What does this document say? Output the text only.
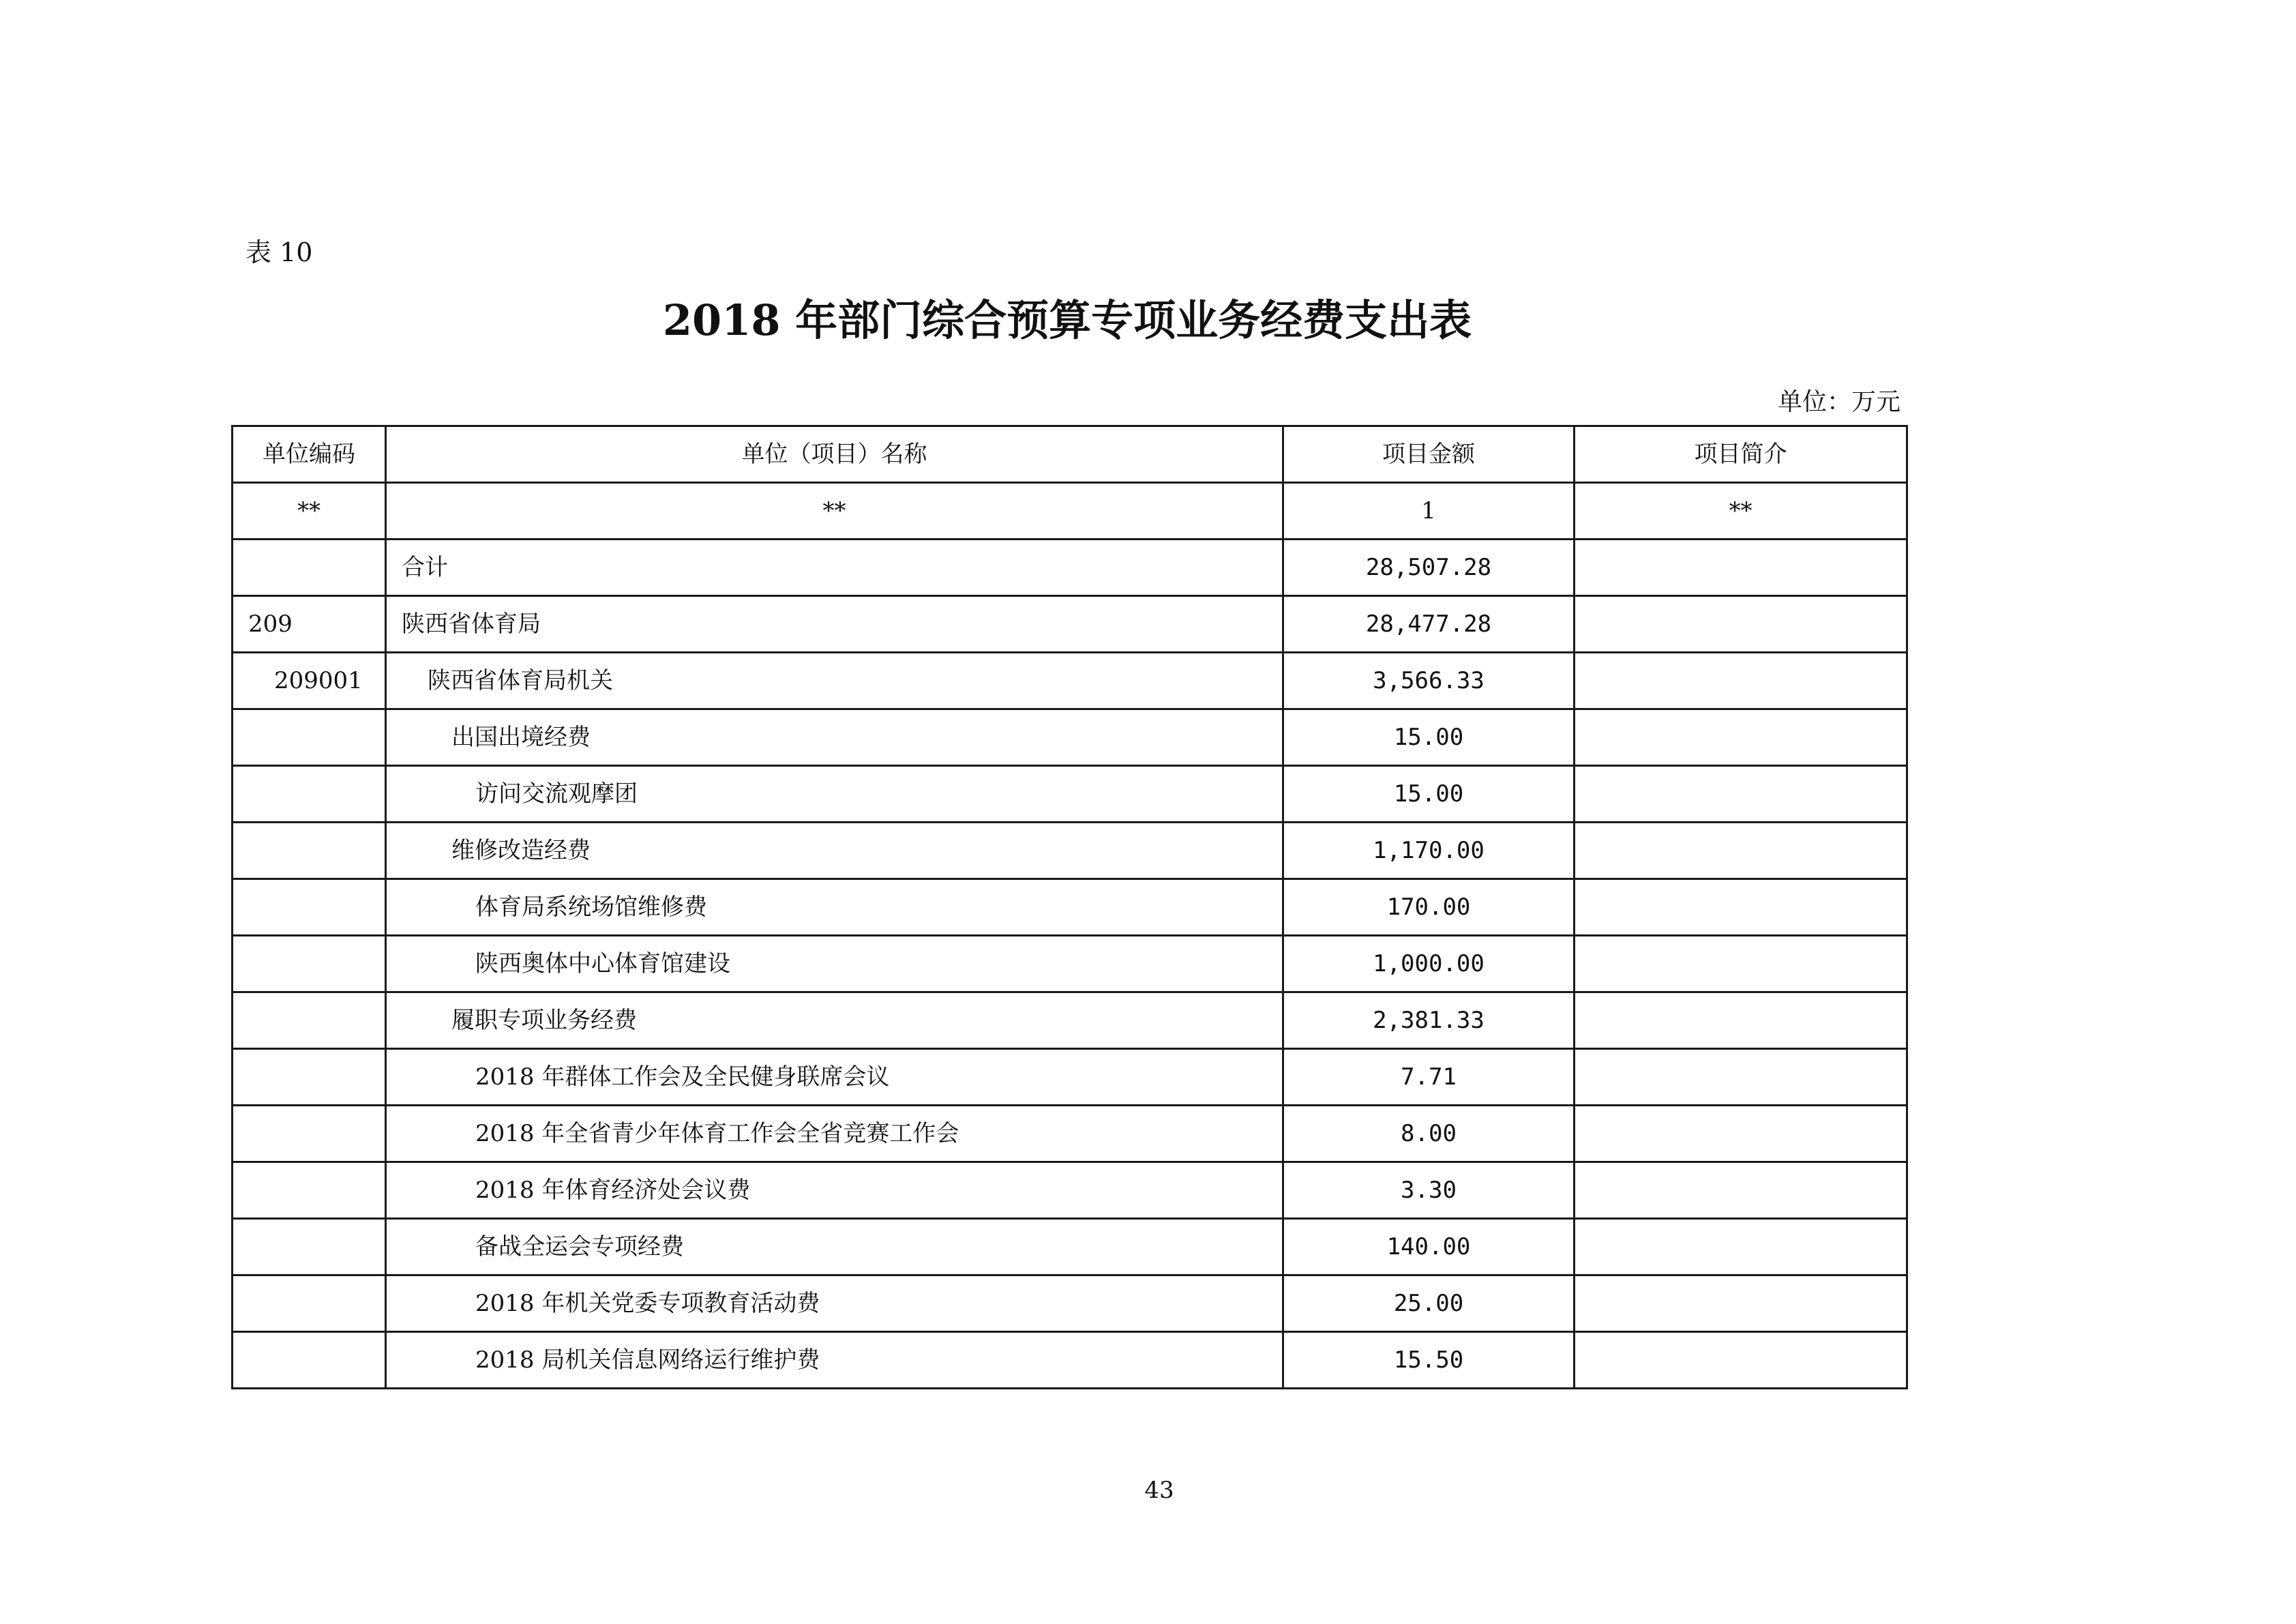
表 10
2018 年部门综合预算专项业务经费支出表
单位：万元
单位编码	单位（项目）名称	项目金额	项目简介
**	**	1	**
	合计	28,507.28	
209	陕西省体育局	28,477.28	
209001	陕西省体育局机关	3,566.33	
	出国出境经费	15.00	
	访问交流观摩团	15.00	
	维修改造经费	1,170.00	
	体育局系统场馆维修费	170.00	
	陕西奥体中心体育馆建设	1,000.00	
	履职专项业务经费	2,381.33	
	2018 年群体工作会及全民健身联席会议	7.71	
	2018 年全省青少年体育工作会全省竞赛工作会	8.00	
	2018 年体育经济处会议费	3.30	
	备战全运会专项经费	140.00	
	2018 年机关党委专项教育活动费	25.00	
	2018 局机关信息网络运行维护费	15.50	
43
